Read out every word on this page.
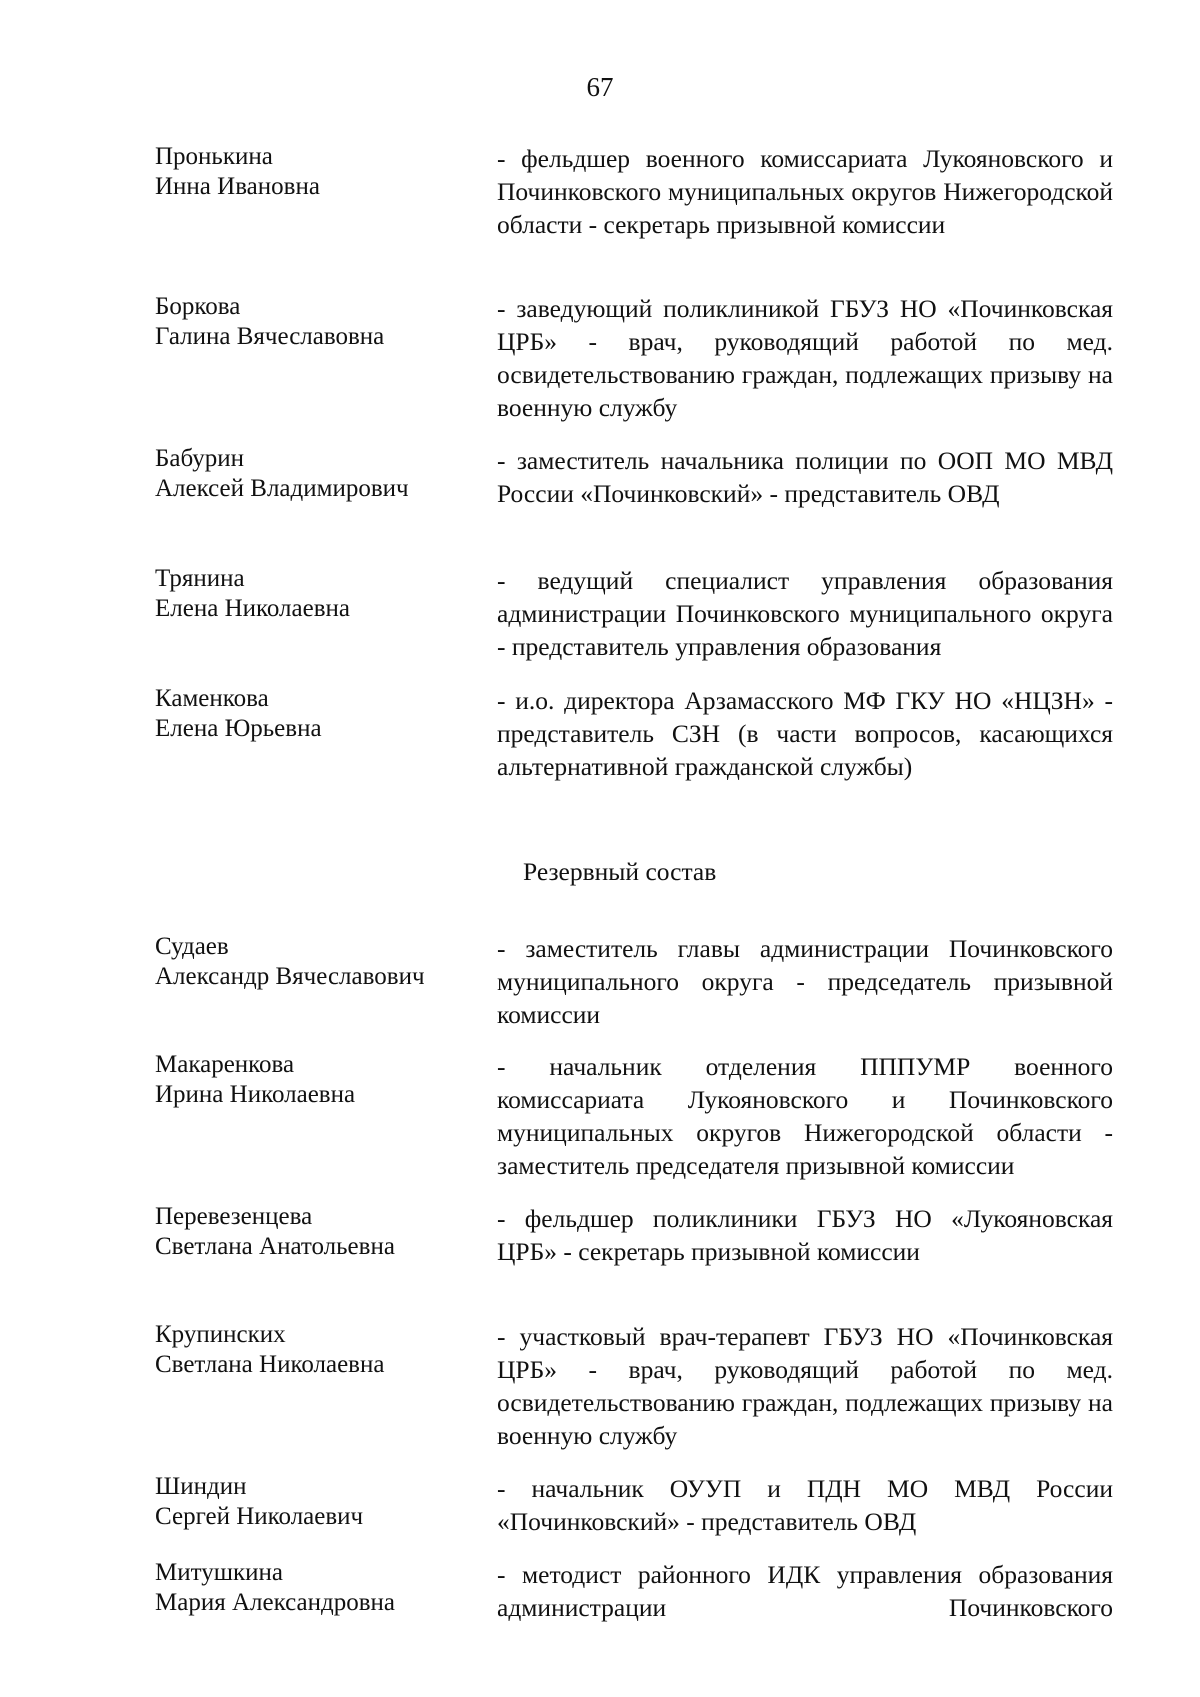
67
Пронькина
Инна Ивановна
- фельдшер военного комиссариата Лукояновского и Починковского муниципальных округов Нижегородской области - секретарь призывной комиссии
Боркова
Галина Вячеславовна
- заведующий поликлиникой ГБУЗ НО «Починковская ЦРБ» - врач, руководящий работой по мед. освидетельствованию граждан, подлежащих призыву на военную службу
Бабурин
Алексей Владимирович
- заместитель начальника полиции по ООП МО МВД России «Починковский» - представитель ОВД
Трянина
Елена Николаевна
- ведущий специалист управления образования администрации Починковского муниципального округа - представитель управления образования
Каменкова
Елена Юрьевна
- и.о. директора Арзамасского МФ ГКУ НО «НЦЗН» - представитель СЗН (в части вопросов, касающихся альтернативной гражданской службы)
Резервный состав
Судаев
Александр Вячеславович
- заместитель главы администрации Починковского муниципального округа - председатель призывной комиссии
Макаренкова
Ирина Николаевна
- начальник отделения ПППУМР военного комиссариата Лукояновского и Починковского муниципальных округов Нижегородской области - заместитель председателя призывной комиссии
Перевезенцева
Светлана Анатольевна
- фельдшер поликлиники ГБУЗ НО «Лукояновская ЦРБ» - секретарь призывной комиссии
Крупинских
Светлана Николаевна
- участковый врач-терапевт ГБУЗ НО «Починковская ЦРБ» - врач, руководящий работой по мед. освидетельствованию граждан, подлежащих призыву на военную службу
Шиндин
Сергей Николаевич
- начальник ОУУП и ПДН МО МВД России «Починковский» - представитель ОВД
Митушкина
Мария Александровна
- методист районного ИДК управления образования администрации Починковского
